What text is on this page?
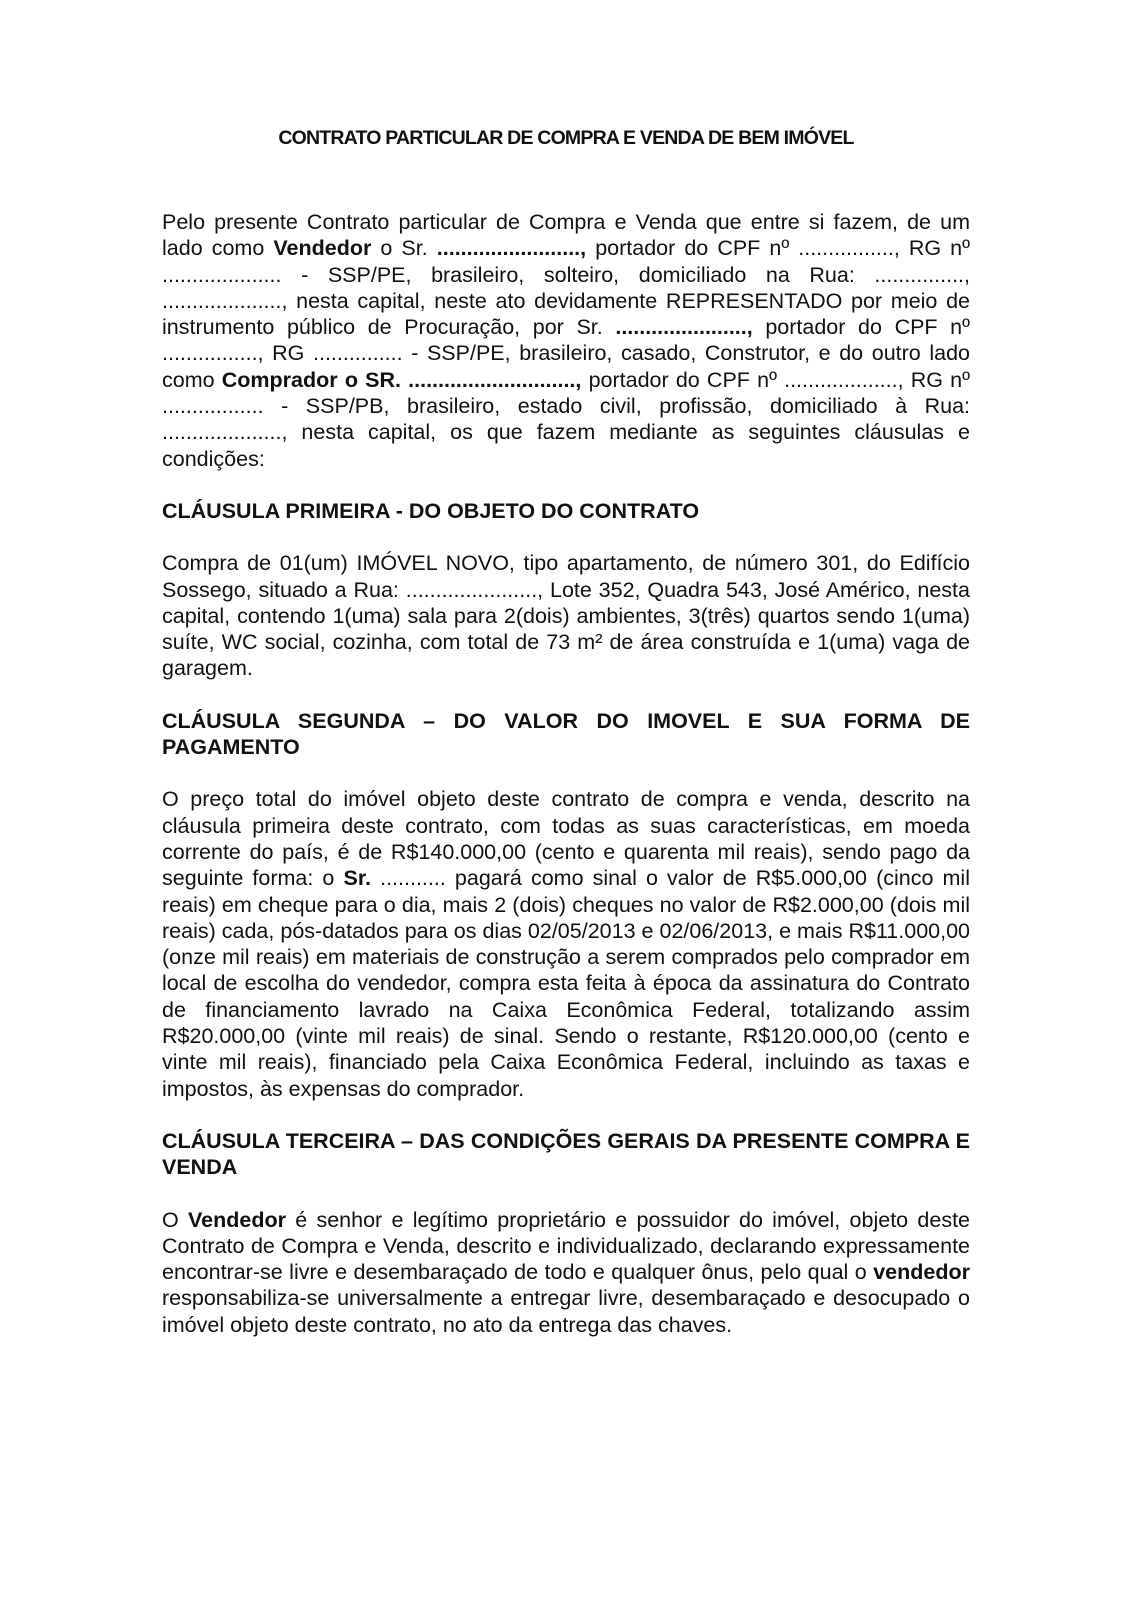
CONTRATO PARTICULAR DE COMPRA E VENDA DE BEM IMÓVEL

Pelo presente Contrato particular de Compra e Venda que entre si fazem, de um lado como Vendedor o Sr. ........................, portador do CPF nº ................, RG nº .................... - SSP/PE, brasileiro, solteiro, domiciliado na Rua: ..............., ...................., nesta capital, neste ato devidamente REPRESENTADO por meio de instrumento público de Procuração, por Sr. ......................, portador do CPF nº ................, RG ............... - SSP/PE, brasileiro, casado, Construtor, e do outro lado como Comprador o SR. ............................, portador do CPF nº ..................., RG nº ................. - SSP/PB, brasileiro, estado civil, profissão, domiciliado à Rua: ...................., nesta capital, os que fazem mediante as seguintes cláusulas e condições:

CLÁUSULA PRIMEIRA - DO OBJETO DO CONTRATO

Compra de 01(um) IMÓVEL NOVO, tipo apartamento, de número 301, do Edifício Sossego, situado a Rua: ......................, Lote 352, Quadra 543, José Américo, nesta capital, contendo 1(uma) sala para 2(dois) ambientes, 3(três) quartos sendo 1(uma) suíte, WC social, cozinha, com total de 73 m² de área construída e 1(uma) vaga de garagem.

CLÁUSULA SEGUNDA – DO VALOR DO IMOVEL E SUA FORMA DE PAGAMENTO

O preço total do imóvel objeto deste contrato de compra e venda, descrito na cláusula primeira deste contrato, com todas as suas características, em moeda corrente do país, é de R$140.000,00 (cento e quarenta mil reais), sendo pago da seguinte forma: o Sr. ........... pagará como sinal o valor de R$5.000,00 (cinco mil reais) em cheque para o dia, mais 2 (dois) cheques no valor de R$2.000,00 (dois mil reais) cada, pós-datados para os dias 02/05/2013 e 02/06/2013, e mais R$11.000,00 (onze mil reais) em materiais de construção a serem comprados pelo comprador em local de escolha do vendedor, compra esta feita à época da assinatura do Contrato de financiamento lavrado na Caixa Econômica Federal, totalizando assim R$20.000,00 (vinte mil reais) de sinal. Sendo o restante, R$120.000,00 (cento e vinte mil reais), financiado pela Caixa Econômica Federal, incluindo as taxas e impostos, às expensas do comprador.

CLÁUSULA TERCEIRA – DAS CONDIÇÕES GERAIS DA PRESENTE COMPRA E VENDA

O Vendedor é senhor e legítimo proprietário e possuidor do imóvel, objeto deste Contrato de Compra e Venda, descrito e individualizado, declarando expressamente encontrar-se livre e desembaraçado de todo e qualquer ônus, pelo qual o vendedor responsabiliza-se universalmente a entregar livre, desembaraçado e desocupado o imóvel objeto deste contrato, no ato da entrega das chaves.
